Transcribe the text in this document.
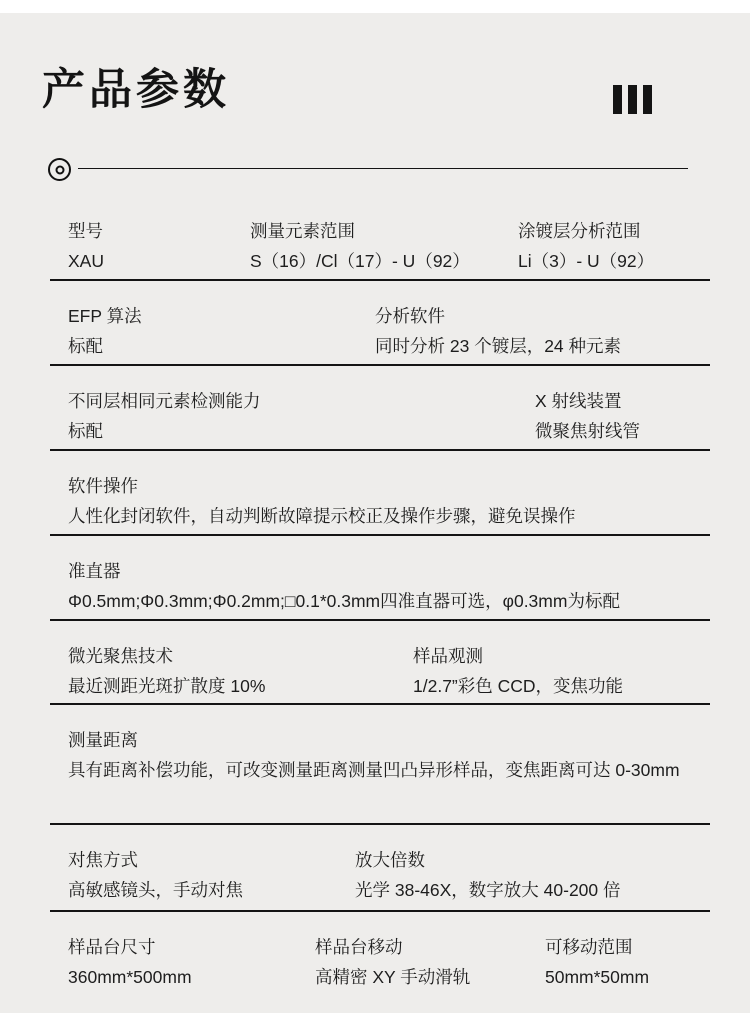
产品参数
型号
XAU
测量元素范围
S（16）/Cl（17）- U（92）
涂镀层分析范围
Li（3）- U（92）
EFP 算法
标配
分析软件
同时分析 23 个镀层，24 种元素
不同层相同元素检测能力
标配
X 射线装置
微聚焦射线管
软件操作
人性化封闭软件，自动判断故障提示校正及操作步骤，避免误操作
准直器
Φ0.5mm;Φ0.3mm;Φ0.2mm;□0.1*0.3mm四准直器可选，φ0.3mm为标配
微光聚焦技术
最近测距光斑扩散度 10%
样品观测
1/2.7”彩色 CCD，变焦功能
测量距离
具有距离补偿功能，可改变测量距离测量凹凸异形样品，变焦距离可达 0-30mm
对焦方式
高敏感镜头，手动对焦
放大倍数
光学 38-46X，数字放大 40-200 倍
样品台尺寸
360mm*500mm
样品台移动
高精密 XY 手动滑轨
可移动范围
50mm*50mm
